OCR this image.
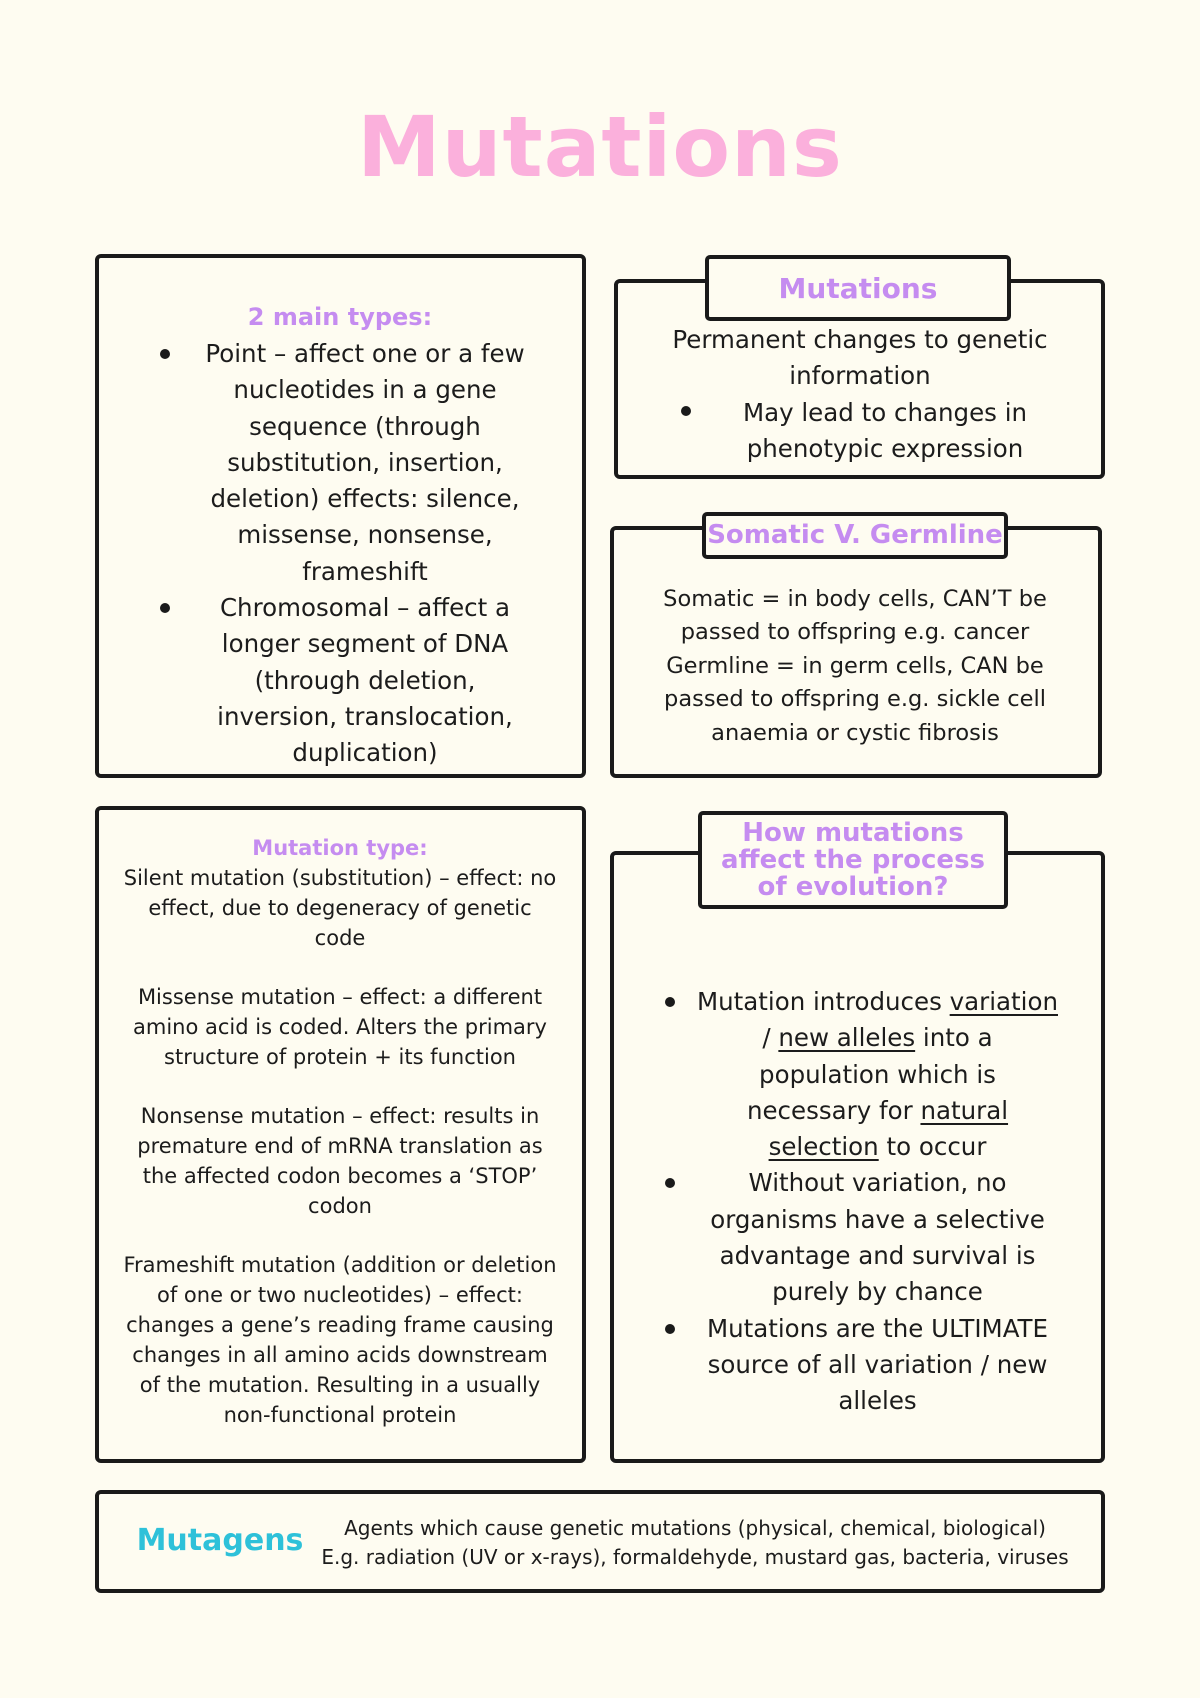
Mutations
2 main types:
Point – affect one or a few nucleotides in a gene sequence (through substitution, insertion, deletion) effects: silence, missense, nonsense, frameshift
Chromosomal – affect a longer segment of DNA (through deletion, inversion, translocation, duplication)
Mutations
Permanent changes to genetic information
May lead to changes in phenotypic expression
Somatic V. Germline
Somatic = in body cells, CAN’T be passed to offspring e.g. cancer Germline = in germ cells, CAN be passed to offspring e.g. sickle cell anaemia or cystic fibrosis
Mutation type:

Silent mutation (substitution) – effect: no effect, due to degeneracy of genetic code

Missense mutation – effect: a different amino acid is coded. Alters the primary structure of protein + its function

Nonsense mutation – effect: results in premature end of mRNA translation as the affected codon becomes a ‘STOP’ codon

Frameshift mutation (addition or deletion of one or two nucleotides) – effect: changes a gene’s reading frame causing changes in all amino acids downstream of the mutation. Resulting in a usually non-functional protein

How mutations affect the process of evolution?
Mutation introduces variation / new alleles into a population which is necessary for natural selection to occur
Without variation, no organisms have a selective advantage and survival is purely by chance
Mutations are the ULTIMATE source of all variation / new alleles
Mutagens	Agents which cause genetic mutations (physical, chemical, biological)
E.g. radiation (UV or x-rays), formaldehyde, mustard gas, bacteria, viruses
